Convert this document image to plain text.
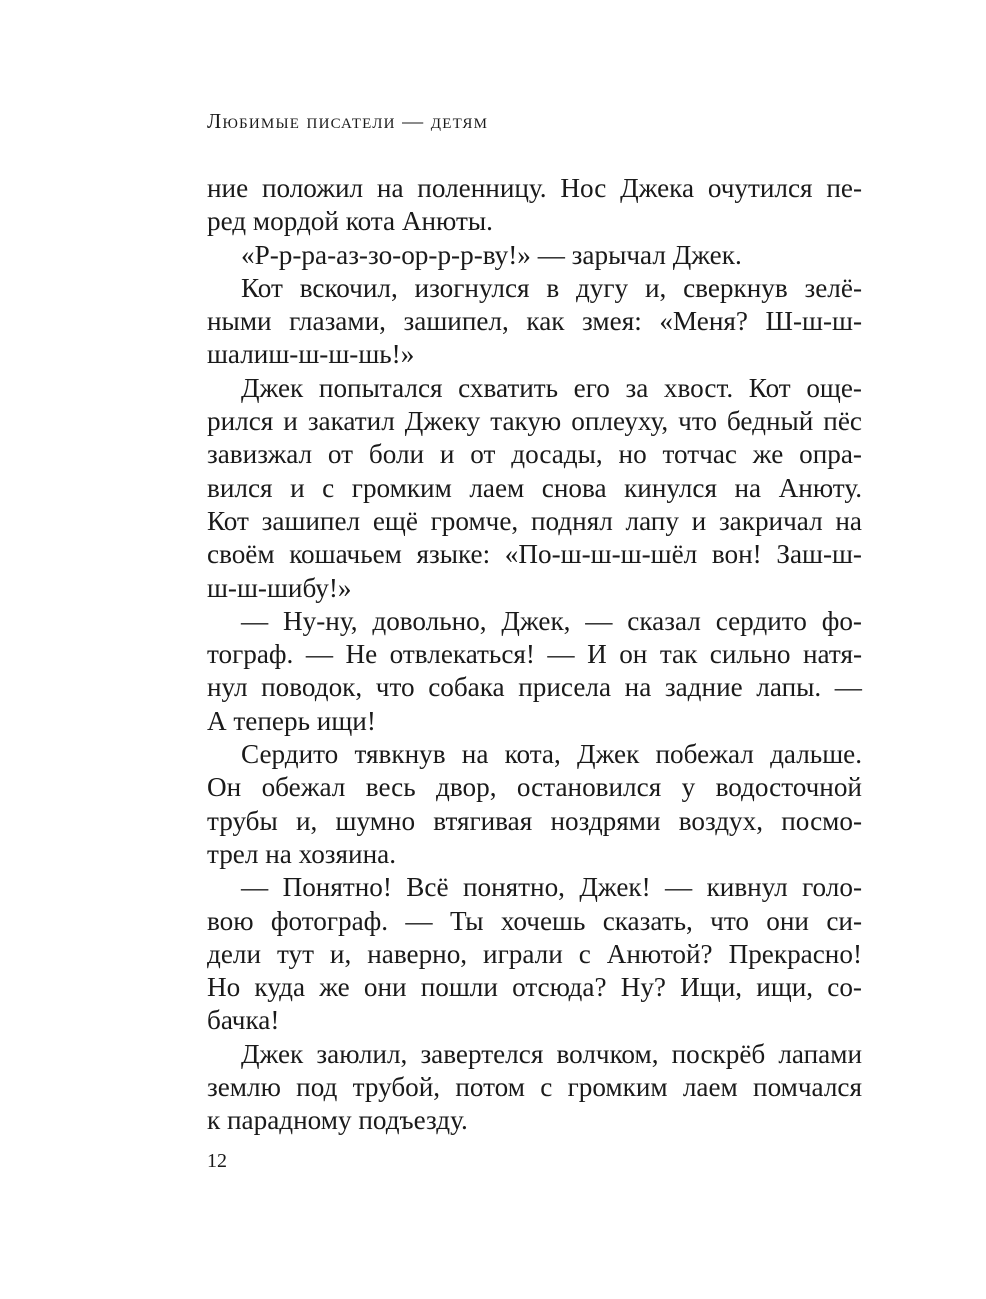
Любимые писатели — детям
ние положил на поленницу. Нос Джека очутился пе-
ред мордой кота Анюты.
«Р-р-ра-аз-зо-ор-р-р-ву!» — зарычал Джек.
Кот вскочил, изогнулся в дугу и, сверкнув зелё-
ными глазами, зашипел, как змея: «Меня? Ш-ш-ш-
шалиш-ш-ш-шь!»
Джек попытался схватить его за хвост. Кот още-
рился и закатил Джеку такую оплеуху, что бедный пёс
завизжал от боли и от досады, но тотчас же опра-
вился и с громким лаем снова кинулся на Анюту.
Кот зашипел ещё громче, поднял лапу и закричал на
своём кошачьем языке: «По-ш-ш-ш-шёл вон! Заш-ш-
ш-ш-шибу!»
— Ну-ну, довольно, Джек, — сказал сердито фо-
тограф. — Не отвлекаться! — И он так сильно натя-
нул поводок, что собака присела на задние лапы. —
А теперь ищи!
Сердито тявкнув на кота, Джек побежал дальше.
Он обежал весь двор, остановился у водосточной
трубы и, шумно втягивая ноздрями воздух, посмо-
трел на хозяина.
— Понятно! Всё понятно, Джек! — кивнул голо-
вою фотограф. — Ты хочешь сказать, что они си-
дели тут и, наверно, играли с Анютой? Прекрасно!
Но куда же они пошли отсюда? Ну? Ищи, ищи, со-
бачка!
Джек заюлил, завертелся волчком, поскрёб лапами
землю под трубой, потом с громким лаем помчался
к парадному подъезду.
12
